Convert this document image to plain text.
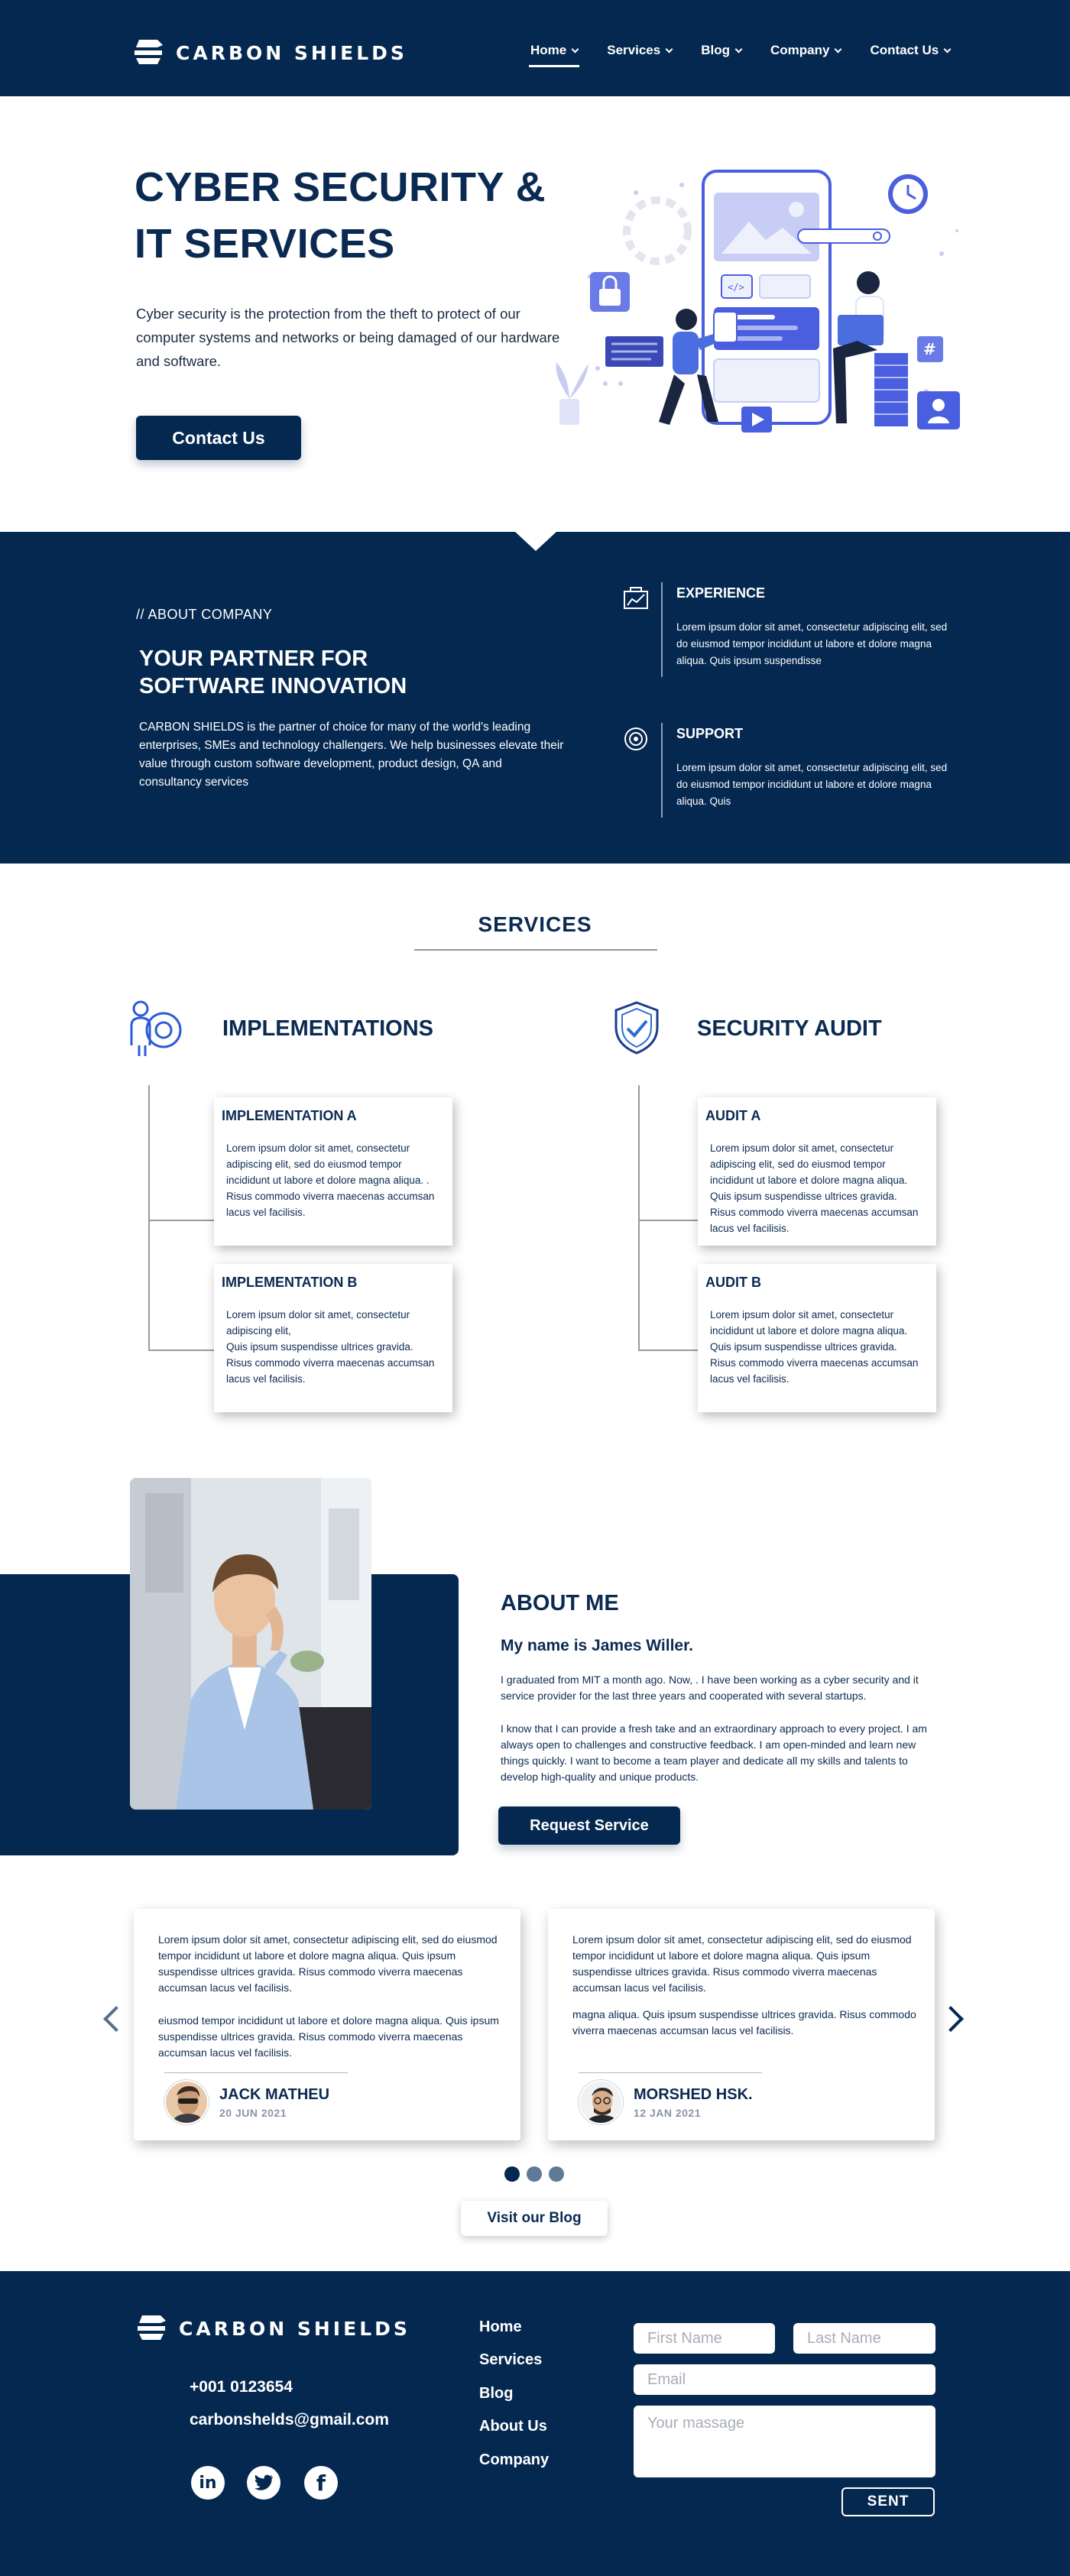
CARBON SHIELDS	Home	Services	Blog	Company	Contact Us
CYBER SECURITY &
IT SERVICES

Cyber security is the protection from the theft to protect of our computer systems and networks or being damaged of our hardware and software.

Contact Us
</>
#
// ABOUT COMPANY
YOUR PARTNER FOR
SOFTWARE INNOVATION

CARBON SHIELDS is the partner of choice for many of the world's leading enterprises, SMEs and technology challengers. We help businesses elevate their value through custom software development, product design, QA and consultancy services

EXPERIENCE
Lorem ipsum dolor sit amet, consectetur adipiscing elit, sed do eiusmod tempor incididunt ut labore et dolore magna aliqua. Quis ipsum suspendisse
SUPPORT
Lorem ipsum dolor sit amet, consectetur adipiscing elit, sed do eiusmod tempor incididunt ut labore et dolore magna aliqua. Quis
SERVICES
IMPLEMENTATIONS
IMPLEMENTATION A
Lorem ipsum dolor sit amet, consectetur adipiscing elit, sed do eiusmod tempor incididunt ut labore et dolore magna aliqua. . Risus commodo viverra maecenas accumsan lacus vel facilisis.
IMPLEMENTATION B
Lorem ipsum dolor sit amet, consectetur adipiscing elit,
Quis ipsum suspendisse ultrices gravida. Risus commodo viverra maecenas accumsan lacus vel facilisis.
SECURITY AUDIT
AUDIT A
Lorem ipsum dolor sit amet, consectetur adipiscing elit, sed do eiusmod tempor incididunt ut labore et dolore magna aliqua. Quis ipsum suspendisse ultrices gravida. Risus commodo viverra maecenas accumsan lacus vel facilisis.
AUDIT B
Lorem ipsum dolor sit amet, consectetur incididunt ut labore et dolore magna aliqua. Quis ipsum suspendisse ultrices gravida. Risus commodo viverra maecenas accumsan lacus vel facilisis.
ABOUT ME
My name is James Willer.

I graduated from MIT a month ago. Now, . I have been working as a cyber security and it service provider for the last three years and cooperated with several startups.

I know that I can provide a fresh take and an extraordinary approach to every project. I am always open to challenges and constructive feedback. I am open-minded and learn new things quickly. I want to become a team player and dedicate all my skills and talents to develop high-quality and unique products.

Request Service

Lorem ipsum dolor sit amet, consectetur adipiscing elit, sed do eiusmod tempor incididunt ut labore et dolore magna aliqua. Quis ipsum suspendisse ultrices gravida. Risus commodo viverra maecenas accumsan lacus vel facilisis.

eiusmod tempor incididunt ut labore et dolore magna aliqua. Quis ipsum suspendisse ultrices gravida. Risus commodo viverra maecenas accumsan lacus vel facilisis.

JACK MATHEU
20 JUN 2021

Lorem ipsum dolor sit amet, consectetur adipiscing elit, sed do eiusmod tempor incididunt ut labore et dolore magna aliqua. Quis ipsum suspendisse ultrices gravida. Risus commodo viverra maecenas accumsan lacus vel facilisis.

magna aliqua. Quis ipsum suspendisse ultrices gravida. Risus commodo viverra maecenas accumsan lacus vel facilisis.

MORSHED HSK.
12 JAN 2021
Visit our Blog
CARBON SHIELDS
+001 0123654
carbonshelds@gmail.com
in	f
Home
Services
Blog
About Us
Company
First Name
Last Name
Email
Your massage
SENT
